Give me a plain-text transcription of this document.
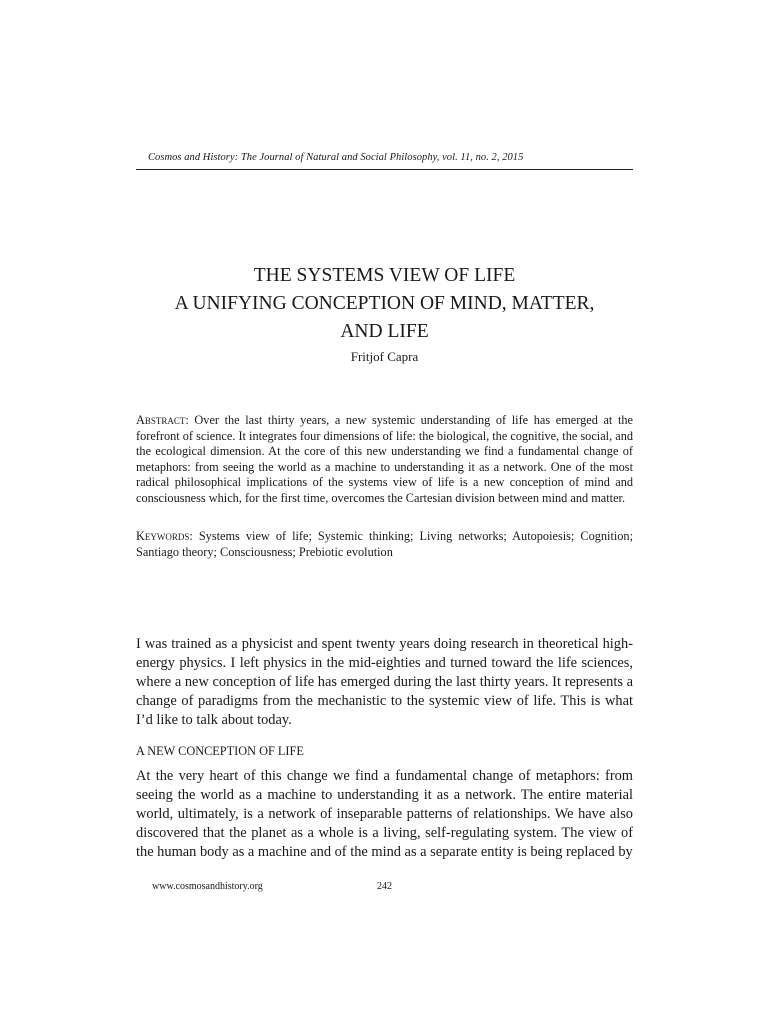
Cosmos and History: The Journal of Natural and Social Philosophy, vol. 11, no. 2, 2015
THE SYSTEMS VIEW OF LIFE
A UNIFYING CONCEPTION OF MIND, MATTER,
AND LIFE
Fritjof Capra

Abstract: Over the last thirty years, a new systemic understanding of life has emerged at the forefront of science. It integrates four dimensions of life: the biological, the cognitive, the social, and the ecological dimension. At the core of this new understanding we find a fundamental change of metaphors: from seeing the world as a machine to understanding it as a network. One of the most radical philosophical implications of the systems view of life is a new conception of mind and consciousness which, for the first time, overcomes the Cartesian division between mind and matter.

Keywords: Systems view of life; Systemic thinking; Living networks; Autopoiesis; Cognition; Santiago theory; Consciousness; Prebiotic evolution

I was trained as a physicist and spent twenty years doing research in theoretical high-energy physics. I left physics in the mid-eighties and turned toward the life sciences, where a new conception of life has emerged during the last thirty years. It represents a change of paradigms from the mechanistic to the systemic view of life. This is what I’d like to talk about today.

A NEW CONCEPTION OF LIFE

At the very heart of this change we find a fundamental change of metaphors: from seeing the world as a machine to understanding it as a network. The entire material world, ultimately, is a network of inseparable patterns of relationships. We have also discovered that the planet as a whole is a living, self-regulating system. The view of the human body as a machine and of the mind as a separate entity is being replaced by

www.cosmosandhistory.org	242
